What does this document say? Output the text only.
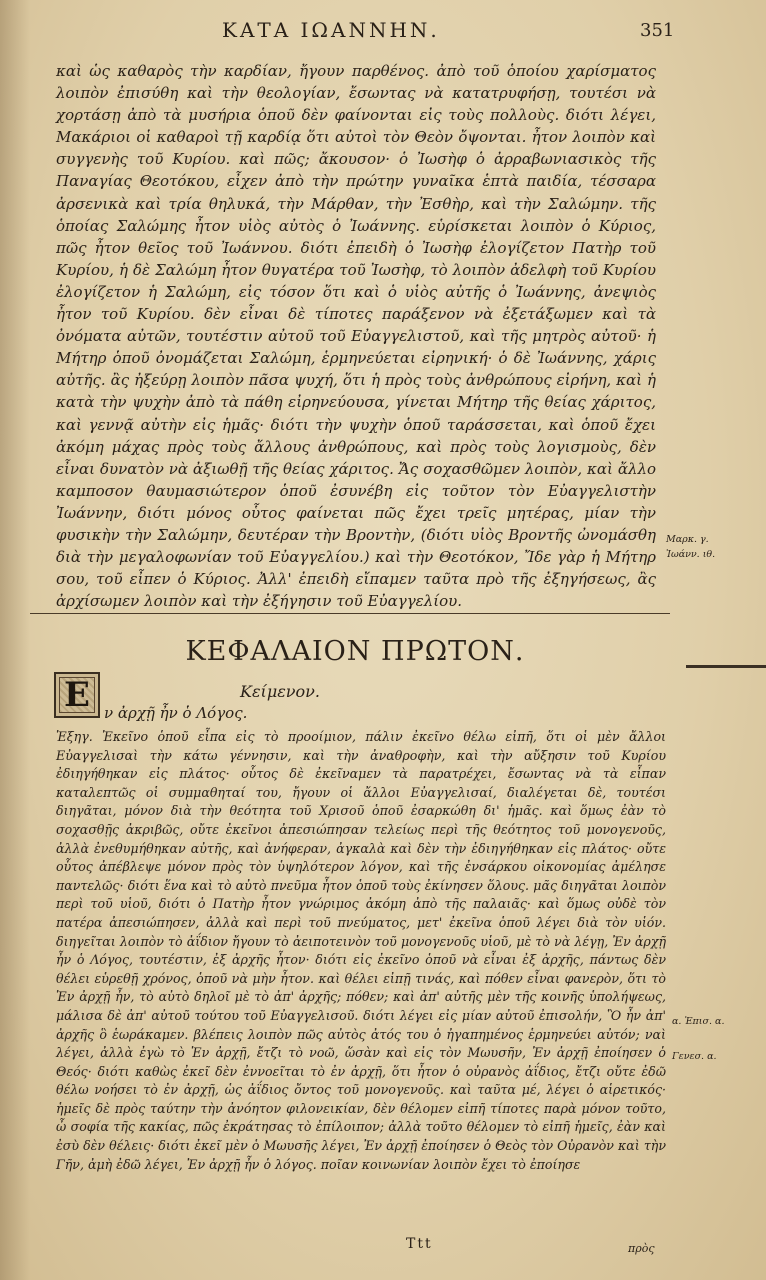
ΚΑΤΑ ΙΩΑΝΝΗΝ.	351
καὶ ὡς καθαρὸς τὴν καρδίαν, ἤγουν παρθένος. ἀπὸ τοῦ ὁποίου χαρίσματος λοιπὸν ἐπισύθη καὶ τὴν θεολογίαν, ἔσωντας νὰ κατατρυφήσῃ, τουτέσι νὰ χορτάσῃ ἀπὸ τὰ μυσήρια ὁποῦ δὲν φαίνονται εἰς τοὺς πολλοὺς. διότι λέγει, Μακάριοι οἱ καθαροὶ τῇ καρδίᾳ ὅτι αὐτοὶ τὸν Θεὸν ὄψονται. ἦτον λοιπὸν καὶ συγγενὴς τοῦ Κυρίου. καὶ πῶς; ἄκουσον· ὁ Ἰωσὴφ ὁ ἀρραβωνιασικὸς τῆς Παναγίας Θεοτόκου, εἶχεν ἀπὸ τὴν πρώτην γυναῖκα ἑπτὰ παιδία, τέσσαρα ἀρσενικὰ καὶ τρία θηλυκά, τὴν Μάρθαν, τὴν Ἐσθὴρ, καὶ τὴν Σαλώμην. τῆς ὁποίας Σαλώμης ἦτον υἱὸς αὐτὸς ὁ Ἰωάννης. εὑρίσκεται λοιπὸν ὁ Κύριος, πῶς ἦτον θεῖος τοῦ Ἰωάννου. διότι ἐπειδὴ ὁ Ἰωσὴφ ἐλογίζετον Πατὴρ τοῦ Κυρίου, ἡ δὲ Σαλώμη ἦτον θυγατέρα τοῦ Ἰωσὴφ, τὸ λοιπὸν ἀδελφὴ τοῦ Κυρίου ἐλογίζετον ἡ Σαλώμη, εἰς τόσον ὅτι καὶ ὁ υἱὸς αὐτῆς ὁ Ἰωάννης, ἀνεψιὸς ἦτον τοῦ Κυρίου. δὲν εἶναι δὲ τίποτες παράξενον νὰ ἐξετάξωμεν καὶ τὰ ὀνόματα αὐτῶν, τουτέστιν αὐτοῦ τοῦ Εὐαγγελιστοῦ, καὶ τῆς μητρὸς αὐτοῦ· ἡ Μήτηρ ὁποῦ ὀνομάζεται Σαλώμη, ἑρμηνεύεται εἰρηνική· ὁ δὲ Ἰωάννης, χάρις αὐτῆς. ἂς ἠξεύρῃ λοιπὸν πᾶσα ψυχή, ὅτι ἡ πρὸς τοὺς ἀνθρώπους εἰρήνη, καὶ ἡ κατὰ τὴν ψυχὴν ἀπὸ τὰ πάθη εἰρηνεύουσα, γίνεται Μήτηρ τῆς θείας χάριτος, καὶ γεννᾷ αὐτὴν εἰς ἡμᾶς· διότι τὴν ψυχὴν ὁποῦ ταράσσεται, καὶ ὁποῦ ἔχει ἀκόμη μάχας πρὸς τοὺς ἄλλους ἀνθρώπους, καὶ πρὸς τοὺς λογισμοὺς, δὲν εἶναι δυνατὸν νὰ ἀξιωθῇ τῆς θείας χάριτος. Ἄς σοχασθῶμεν λοιπὸν, καὶ ἄλλο καμποσον θαυμασιώτερον ὁποῦ ἐσυνέβη εἰς τοῦτον τὸν Εὐαγγελιστὴν Ἰωάννην, διότι μόνος οὗτος φαίνεται πῶς ἔχει τρεῖς μητέρας, μίαν τὴν φυσικὴν τὴν Σαλώμην, δευτέραν τὴν Βροντὴν, (διότι υἱὸς Βροντῆς ὠνομάσθη διὰ τὴν μεγαλοφωνίαν τοῦ Εὐαγγελίου.) καὶ τὴν Θεοτόκον, Ἴδε γὰρ ἡ Μήτηρ σου, τοῦ εἶπεν ὁ Κύριος. Ἀλλ' ἐπειδὴ εἴπαμεν ταῦτα πρὸ τῆς ἐξηγήσεως, ἂς ἀρχίσωμεν λοιπὸν καὶ τὴν ἐξήγησιν τοῦ Εὐαγγελίου.
Μαρκ. γ.
Ἰωάνν. ιθ.
ΚΕΦΑΛΑΙΟΝ ΠΡΩΤΟΝ.
Κείμενον.
Ε ν ἀρχῇ ἦν ὁ Λόγος.
Ἐξηγ. Ἐκεῖνο ὁποῦ εἶπα εἰς τὸ προοίμιον, πάλιν ἐκεῖνο θέλω εἰπῆ, ὅτι οἱ μὲν ἄλλοι Εὐαγγελισαὶ τὴν κάτω γέννησιν, καὶ τὴν ἀναθροφὴν, καὶ τὴν αὔξησιν τοῦ Κυρίου ἐδιηγήθηκαν εἰς πλάτος· οὗτος δὲ ἐκεῖναμεν τὰ παρατρέχει, ἔσωντας νὰ τὰ εἶπαν καταλεπτῶς οἱ συμμαθηταί του, ἤγουν οἱ ἄλλοι Εὐαγγελισαί, διαλέγεται δὲ, τουτέσι διηγᾶται, μόνον διὰ τὴν θεότητα τοῦ Χρισοῦ ὁποῦ ἐσαρκώθη δι' ἡμᾶς. καὶ ὅμως ἐὰν τὸ σοχασθῇς ἀκριβῶς, οὔτε ἐκεῖνοι ἀπεσιώπησαν τελείως περὶ τῆς θεότητος τοῦ μονογενοῦς, ἀλλὰ ἐνεθυμήθηκαν αὐτῆς, καὶ ἀνήφεραν, ἀγκαλὰ καὶ δὲν τὴν ἐδιηγήθηκαν εἰς πλάτος· οὔτε οὗτος ἀπέβλεψε μόνον πρὸς τὸν ὑψηλότερον λόγον, καὶ τῆς ἐνσάρκου οἰκονομίας ἀμέλησε παντελῶς· διότι ἕνα καὶ τὸ αὐτὸ πνεῦμα ἦτον ὁποῦ τοὺς ἐκίνησεν ὅλους. μᾶς διηγᾶται λοιπὸν περὶ τοῦ υἱοῦ, διότι ὁ Πατὴρ ἦτον γνώριμος ἀκόμη ἀπὸ τῆς παλαιᾶς· καὶ ὅμως οὐδὲ τὸν πατέρα ἀπεσιώπησεν, ἀλλὰ καὶ περὶ τοῦ πνεύματος, μετ' ἐκεῖνα ὁποῦ λέγει διὰ τὸν υἱόν. διηγεῖται λοιπὸν τὸ ἀΐδιον ἤγουν τὸ ἀειποτεινὸν τοῦ μονογενοῦς υἱοῦ, μὲ τὸ νὰ λέγῃ, Ἐν ἀρχῇ ἦν ὁ Λόγος, τουτέστιν, ἐξ ἀρχῆς ἦτον· διότι εἰς ἐκεῖνο ὁποῦ νὰ εἶναι ἐξ ἀρχῆς, πάντως δὲν θέλει εὑρεθῇ χρόνος, ὁποῦ νὰ μὴν ἦτον. καὶ θέλει εἰπῇ τινάς, καὶ πόθεν εἶναι φανερὸν, ὅτι τὸ Ἐν ἀρχῇ ἦν, τὸ αὐτὸ δηλοῖ μὲ τὸ ἀπ' ἀρχῆς; πόθεν; καὶ ἀπ' αὐτῆς μὲν τῆς κοινῆς ὑπολήψεως, μάλισα δὲ ἀπ' αὐτοῦ τούτου τοῦ Εὐαγγελισοῦ. διότι λέγει εἰς μίαν αὐτοῦ ἐπισολήν, Ὃ ἦν ἀπ' ἀρχῆς ὃ ἑωράκαμεν. βλέπεις λοιπὸν πῶς αὐτὸς ἀτός του ὁ ἠγαπημένος ἑρμηνεύει αὐτόν; ναὶ λέγει, ἀλλὰ ἐγὼ τὸ Ἐν ἀρχῇ, ἔτζι τὸ νοῶ, ὥσὰν καὶ εἰς τὸν Μωυσῆν, Ἐν ἀρχῇ ἐποίησεν ὁ Θεός· διότι καθὼς ἐκεῖ δὲν ἐννοεῖται τὸ ἐν ἀρχῇ, ὅτι ἦτον ὁ οὐρανὸς ἀΐδιος, ἔτζι οὔτε ἐδῶ θέλω νοήσει τὸ ἐν ἀρχῇ, ὡς ἀΐδιος ὄντος τοῦ μονογενοῦς. καὶ ταῦτα μέ, λέγει ὁ αἱρετικός· ἡμεῖς δὲ πρὸς ταύτην τὴν ἀνόητον φιλονεικίαν, δὲν θέλομεν εἰπῆ τίποτες παρὰ μόνον τοῦτο, ὦ σοφία τῆς κακίας, πῶς ἐκράτησας τὸ ἐπίλοιπον; ἀλλὰ τοῦτο θέλομεν τὸ εἰπῆ ἡμεῖς, ἐὰν καὶ ἐσὺ δὲν θέλεις· διότι ἐκεῖ μὲν ὁ Μωυσῆς λέγει, Ἐν ἀρχῇ ἐποίησεν ὁ Θεὸς τὸν Οὐρανὸν καὶ τὴν Γῆν, ἀμὴ ἐδῶ λέγει, Ἐν ἀρχῇ ἦν ὁ λόγος. ποῖαν κοινωνίαν λοιπὸν ἔχει τὸ ἐποίησε
α. Ἐπισ. α.
Γενεσ. α.
Ttt	πρὸς
